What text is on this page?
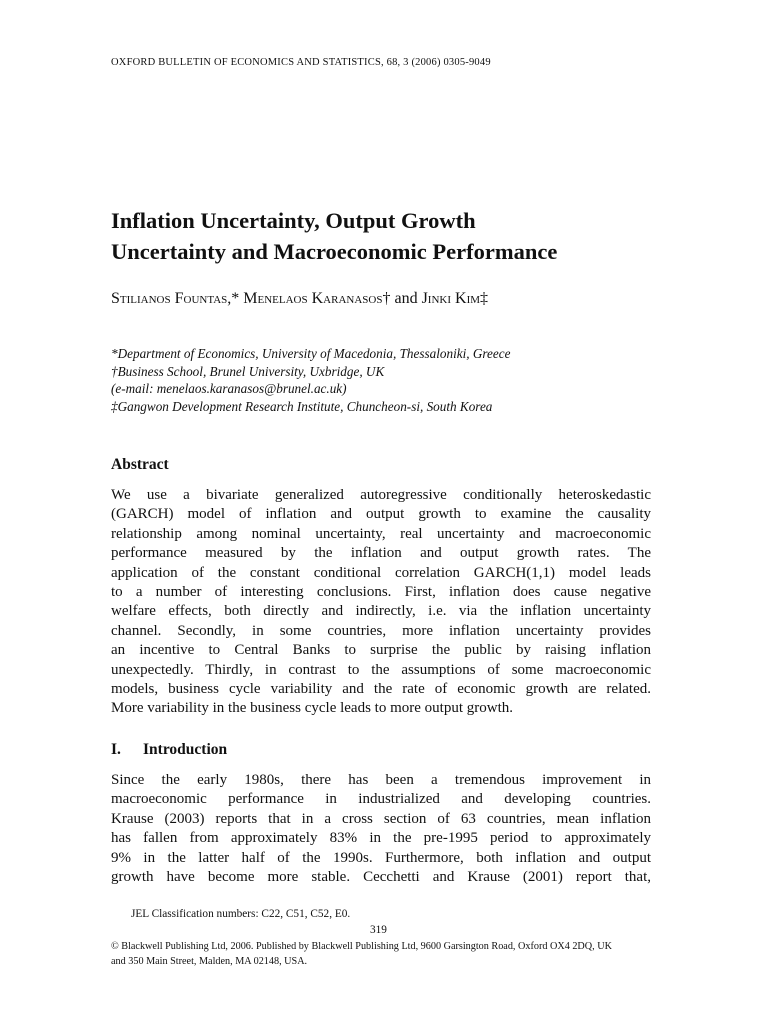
OXFORD BULLETIN OF ECONOMICS AND STATISTICS, 68, 3 (2006) 0305-9049
Inflation Uncertainty, Output Growth
Uncertainty and Macroeconomic Performance
Stilianos Fountas,* Menelaos Karanasos† and Jinki Kim‡
*Department of Economics, University of Macedonia, Thessaloniki, Greece
†Business School, Brunel University, Uxbridge, UK
(e-mail: menelaos.karanasos@brunel.ac.uk)
‡Gangwon Development Research Institute, Chuncheon-si, South Korea
Abstract
We use a bivariate generalized autoregressive conditionally heteroskedastic
(GARCH) model of inflation and output growth to examine the causality
relationship among nominal uncertainty, real uncertainty and macroeconomic
performance measured by the inflation and output growth rates. The
application of the constant conditional correlation GARCH(1,1) model leads
to a number of interesting conclusions. First, inflation does cause negative
welfare effects, both directly and indirectly, i.e. via the inflation uncertainty
channel. Secondly, in some countries, more inflation uncertainty provides
an incentive to Central Banks to surprise the public by raising inflation
unexpectedly. Thirdly, in contrast to the assumptions of some macroeconomic
models, business cycle variability and the rate of economic growth are related.
More variability in the business cycle leads to more output growth.
I. Introduction
Since the early 1980s, there has been a tremendous improvement in
macroeconomic performance in industrialized and developing countries.
Krause (2003) reports that in a cross section of 63 countries, mean inflation
has fallen from approximately 83% in the pre-1995 period to approximately
9% in the latter half of the 1990s. Furthermore, both inflation and output
growth have become more stable. Cecchetti and Krause (2001) report that,
JEL Classification numbers: C22, C51, C52, E0.
319
© Blackwell Publishing Ltd, 2006. Published by Blackwell Publishing Ltd, 9600 Garsington Road, Oxford OX4 2DQ, UK
and 350 Main Street, Malden, MA 02148, USA.
